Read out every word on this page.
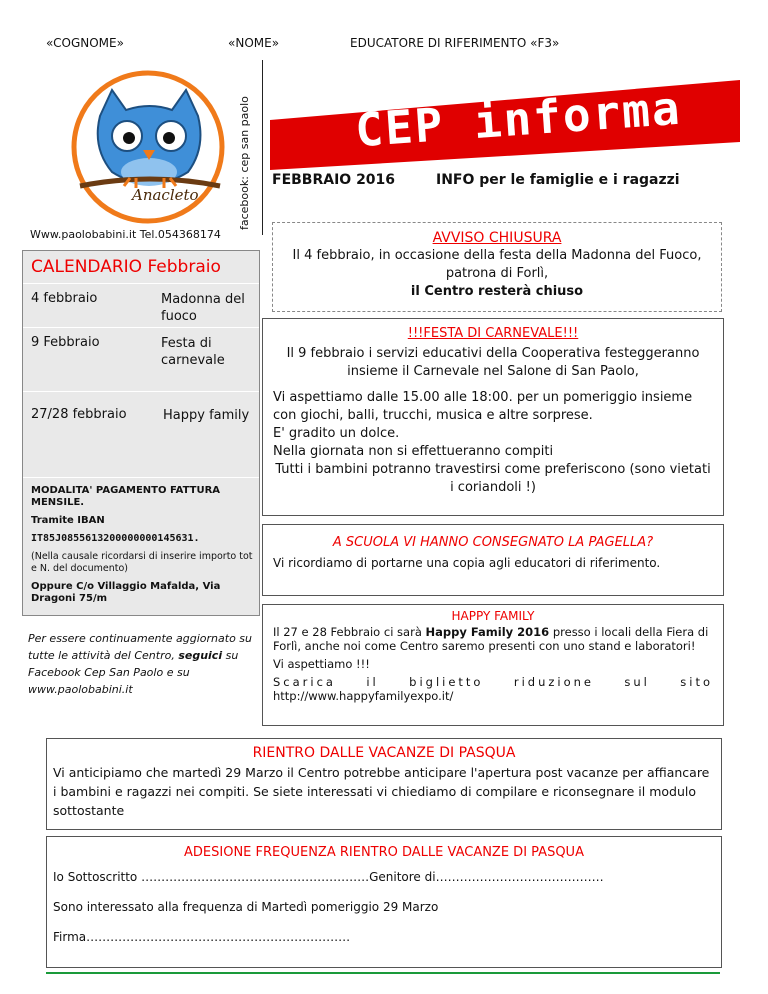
«COGNOME»	«NOME»	EDUCATORE DI RIFERIMENTO «F3»
Anacleto	facebook: cep san paolo CEP informa
FEBBRAIO 2016	INFO per le famiglie e i ragazzi
Www.paolobabini.it Tel.054368174
CALENDARIO Febbraio
4 febbraio	Madonna del fuoco
9 Febbraio	Festa di carnevale
27/28 febbraio	Happy family
MODALITA' PAGAMENTO FATTURA MENSILE.
Tramite IBAN
IT85J0855613200000000145631.
(Nella causale ricordarsi di inserire importo tot e N. del documento)
Oppure C/o Villaggio Mafalda, Via Dragoni 75/m
Per essere continuamente aggiornato su tutte le attività del Centro, seguici su Facebook Cep San Paolo e su www.paolobabini.it
AVVISO CHIUSURA
Il 4 febbraio, in occasione della festa della Madonna del Fuoco, patrona di Forlì,
il Centro resterà chiuso
!!!FESTA DI CARNEVALE!!!
Il 9 febbraio i servizi educativi della Cooperativa festeggeranno insieme il Carnevale nel Salone di San Paolo,
Vi aspettiamo dalle 15.00 alle 18:00. per un pomeriggio insieme con giochi, balli, trucchi, musica e altre sorprese.
E' gradito un dolce.
Nella giornata non si effettueranno compiti
Tutti i bambini potranno travestirsi come preferiscono (sono vietati i coriandoli !)
A SCUOLA VI HANNO CONSEGNATO LA PAGELLA?
Vi ricordiamo di portarne una copia agli educatori di riferimento.
HAPPY FAMILY
Il 27 e 28 Febbraio ci sarà Happy Family 2016 presso i locali della Fiera di Forlì, anche noi come Centro saremo presenti con uno stand e laboratori!
Vi aspettiamo !!!
Scarica il biglietto riduzione sul sito
http://www.happyfamilyexpo.it/
RIENTRO DALLE VACANZE DI PASQUA
Vi anticipiamo che martedì 29 Marzo il Centro potrebbe anticipare l'apertura post vacanze per affiancare i bambini e ragazzi nei compiti. Se siete interessati vi chiediamo di compilare e riconsegnare il modulo sottostante
ADESIONE FREQUENZA RIENTRO DALLE VACANZE DI PASQUA
Io Sottoscritto …………………………………………………Genitore di……………………………………
Sono interessato alla frequenza di Martedì pomeriggio 29 Marzo
Firma…………………………………………………………
